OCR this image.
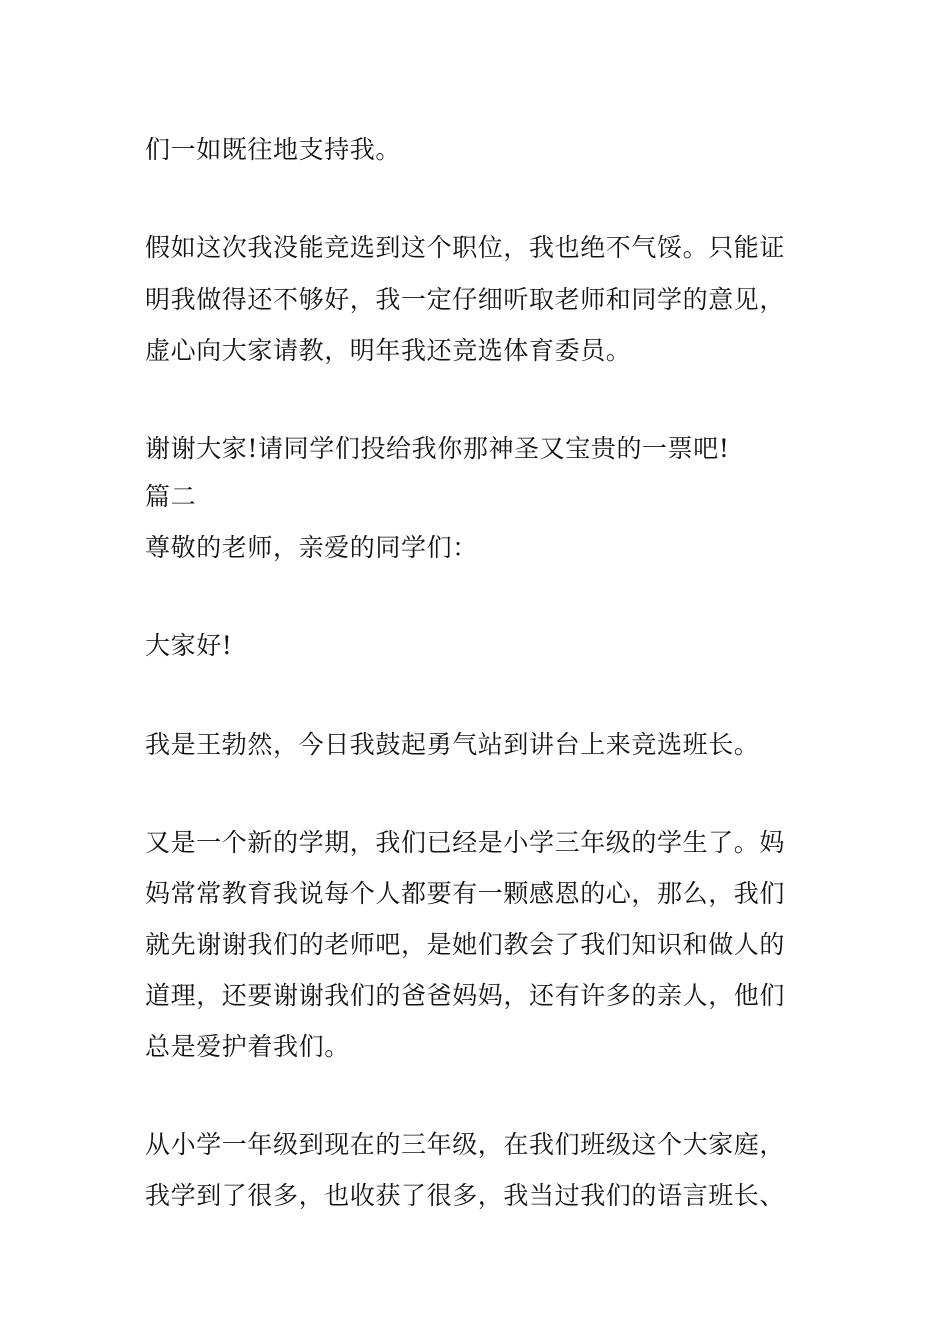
们一如既往地支持我。
假如这次我没能竞选到这个职位，我也绝不气馁。只能证
明我做得还不够好，我一定仔细听取老师和同学的意见，
虚心向大家请教，明年我还竞选体育委员。
谢谢大家!请同学们投给我你那神圣又宝贵的一票吧!
篇二
尊敬的老师，亲爱的同学们：
大家好!
我是王勃然，今日我鼓起勇气站到讲台上来竞选班长。
又是一个新的学期，我们已经是小学三年级的学生了。妈
妈常常教育我说每个人都要有一颗感恩的心，那么，我们
就先谢谢我们的老师吧，是她们教会了我们知识和做人的
道理，还要谢谢我们的爸爸妈妈，还有许多的亲人，他们
总是爱护着我们。
从小学一年级到现在的三年级，在我们班级这个大家庭，
我学到了很多，也收获了很多，我当过我们的语言班长、
